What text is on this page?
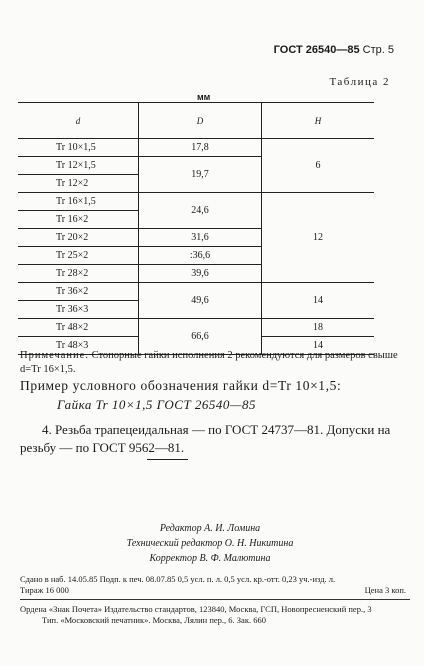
ГОСТ 26540—85 Стр. 5
Таблица 2
мм
d	D	H
Tr 10×1,5	17,8	6
Tr 12×1,5	19,7	
Tr 12×2		
Tr 16×1,5	24,6	12
Tr 16×2		
Tr 20×2	31,6	
Tr 25×2	:36,6	
Tr 28×2	39,6	
Tr 36×2	49,6	14
Tr 36×3		
Tr 48×2	66,6	18
Tr 48×3		14
Примечание. Стопорные гайки исполнения 2 рекомендуются для размеров свыше d=Tr 16×1,5.
Пример условного обозначения гайки d=Tr 10×1,5:
Гайка Tr 10×1,5 ГОСТ 26540—85
4. Резьба трапецеидальная — по ГОСТ 24737—81. Допуски на резьбу — по ГОСТ 9562—81.
Редактор А. И. Ломина
Технический редактор О. Н. Никитина
Корректор В. Ф. Малютина
Сдано в наб. 14.05.85 Подп. к печ. 08.07.85 0,5 усл. п. л. 0,5 усл. кр.-отт. 0,23 уч.-изд. л.
Тираж 16 000	Цена 3 коп.
Ордена «Знак Почета» Издательство стандартов, 123840, Москва, ГСП, Новопресненский пер., 3
Тип. «Московский печатник». Москва, Лялин пер., 6. Зак. 660
